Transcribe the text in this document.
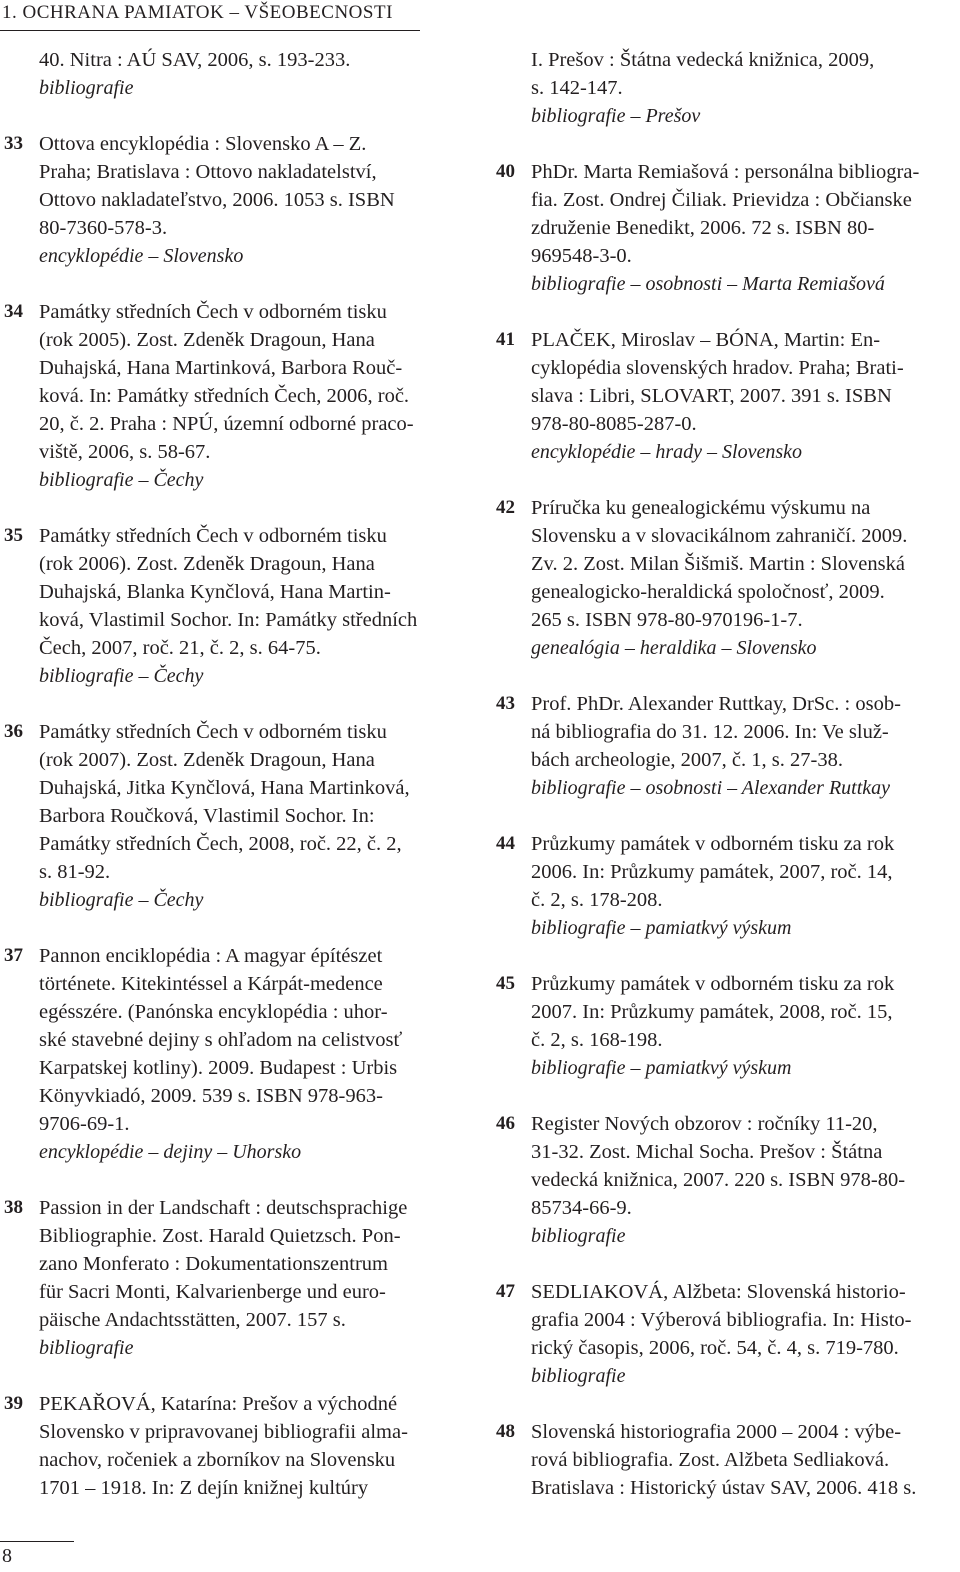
1. OCHRANA PAMIATOK – VŠEOBECNOSTI
40. Nitra : AÚ SAV, 2006, s. 193-233.
bibliografie
33 Ottova encyklopédia : Slovensko A – Z.
Praha; Bratislava : Ottovo nakladatelství,
Ottovo nakladateľstvo, 2006. 1053 s. ISBN
80-7360-578-3.
encyklopédie – Slovensko
34 Památky středních Čech v odborném tisku
(rok 2005). Zost. Zdeněk Dragoun, Hana
Duhajská, Hana Martinková, Barbora Rouč-
ková. In: Památky středních Čech, 2006, roč.
20, č. 2. Praha : NPÚ, územní odborné praco-
viště, 2006, s. 58-67.
bibliografie – Čechy
35 Památky středních Čech v odborném tisku
(rok 2006). Zost. Zdeněk Dragoun, Hana
Duhajská, Blanka Kynčlová, Hana Martin-
ková, Vlastimil Sochor. In: Památky středních
Čech, 2007, roč. 21, č. 2, s. 64-75.
bibliografie – Čechy
36 Památky středních Čech v odborném tisku
(rok 2007). Zost. Zdeněk Dragoun, Hana
Duhajská, Jitka Kynčlová, Hana Martinková,
Barbora Roučková, Vlastimil Sochor. In:
Památky středních Čech, 2008, roč. 22, č. 2,
s. 81-92.
bibliografie – Čechy
37 Pannon enciklopédia : A magyar építészet
története. Kitekintéssel a Kárpát-medence
egésszére. (Panónska encyklopédia : uhor-
ské stavebné dejiny s ohľadom na celistvosť
Karpatskej kotliny). 2009. Budapest : Urbis
Könyvkiadó, 2009. 539 s. ISBN 978-963-
9706-69-1.
encyklopédie – dejiny – Uhorsko
38 Passion in der Landschaft : deutschsprachige
Bibliographie. Zost. Harald Quietzsch. Pon-
zano Monferato : Dokumentationszentrum
für Sacri Monti, Kalvarienberge und euro-
päische Andachtsstätten, 2007. 157 s.
bibliografie
39 PEKAŘOVÁ, Katarína: Prešov a východné
Slovensko v pripravovanej bibliografii alma-
nachov, ročeniek a zborníkov na Slovensku
1701 – 1918. In: Z dejín knižnej kultúry
I. Prešov : Štátna vedecká knižnica, 2009,
s. 142-147.
bibliografie – Prešov
40 PhDr. Marta Remiašová : personálna bibliogra-
fia. Zost. Ondrej Čiliak. Prievidza : Občianske
združenie Benedikt, 2006. 72 s. ISBN 80-
969548-3-0.
bibliografie – osobnosti – Marta Remiašová
41 PLAČEK, Miroslav – BÓNA, Martin: En-
cyklopédia slovenských hradov. Praha; Brati-
slava : Libri, SLOVART, 2007. 391 s. ISBN
978-80-8085-287-0.
encyklopédie – hrady – Slovensko
42 Príručka ku genealogickému výskumu na
Slovensku a v slovacikálnom zahraničí. 2009.
Zv. 2. Zost. Milan Šišmiš. Martin : Slovenská
genealogicko-heraldická spoločnosť, 2009.
265 s. ISBN 978-80-970196-1-7.
genealógia – heraldika – Slovensko
43 Prof. PhDr. Alexander Ruttkay, DrSc. : osob-
ná bibliografia do 31. 12. 2006. In: Ve služ-
bách archeologie, 2007, č. 1, s. 27-38.
bibliografie – osobnosti – Alexander Ruttkay
44 Průzkumy památek v odborném tisku za rok
2006. In: Průzkumy památek, 2007, roč. 14,
č. 2, s. 178-208.
bibliografie – pamiatkvý výskum
45 Průzkumy památek v odborném tisku za rok
2007. In: Průzkumy památek, 2008, roč. 15,
č. 2, s. 168-198.
bibliografie – pamiatkvý výskum
46 Register Nových obzorov : ročníky 11-20,
31-32. Zost. Michal Socha. Prešov : Štátna
vedecká knižnica, 2007. 220 s. ISBN 978-80-
85734-66-9.
bibliografie
47 SEDLIAKOVÁ, Alžbeta: Slovenská historio-
grafia 2004 : Výberová bibliografia. In: Histo-
rický časopis, 2006, roč. 54, č. 4, s. 719-780.
bibliografie
48 Slovenská historiografia 2000 – 2004 : výbe-
rová bibliografia. Zost. Alžbeta Sedliaková.
Bratislava : Historický ústav SAV, 2006. 418 s.
8
